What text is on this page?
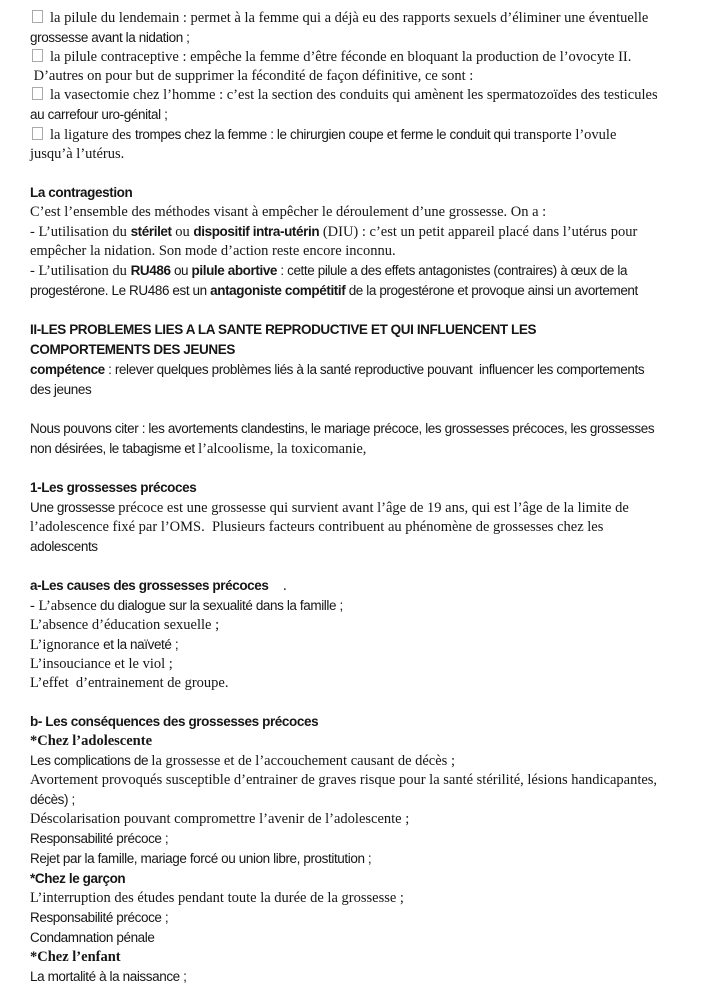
la pilule du lendemain : permet à la femme qui a déjà eu des rapports sexuels d’éliminer une éventuelle
grossesse avant la nidation ;
la pilule contraceptive : empêche la femme d’être féconde en bloquant la production de l’ovocyte II.
D’autres on pour but de supprimer la fécondité de façon définitive, ce sont :
la vasectomie chez l’homme : c’est la section des conduits qui amènent les spermatozoïdes des testicules
au carrefour uro-génital ;
la ligature des trompes chez la femme : le chirurgien coupe et ferme le conduit qui transporte l’ovule
jusqu’à l’utérus.
La contragestion
C’est l’ensemble des méthodes visant à empêcher le déroulement d’une grossesse. On a :
- L’utilisation du stérilet ou dispositif intra-utérin (DIU) : c’est un petit appareil placé dans l’utérus pour
empêcher la nidation. Son mode d’action reste encore inconnu.
- L’utilisation du RU486 ou pilule abortive : cette pilule a des effets antagonistes (contraires) à œux de la
progestérone. Le RU486 est un antagoniste compétitif de la progestérone et provoque ainsi un avortement
II-LES PROBLEMES LIES A LA SANTE REPRODUCTIVE ET QUI INFLUENCENT LES
COMPORTEMENTS DES JEUNES
compétence : relever quelques problèmes liés à la santé reproductive pouvant  influencer les comportements
des jeunes
Nous pouvons citer : les avortements clandestins, le mariage précoce, les grossesses précoces, les grossesses
non désirées, le tabagisme et l’alcoolisme, la toxicomanie,
1-Les grossesses précoces
Une grossesse précoce est une grossesse qui survient avant l’âge de 19 ans, qui est l’âge de la limite de
l’adolescence fixé par l’OMS.  Plusieurs facteurs contribuent au phénomène de grossesses chez les
adolescents
a-Les causes des grossesses précoces    .
- L’absence du dialogue sur la sexualité dans la famille ;
L’absence d’éducation sexuelle ;
L’ignorance et la naïveté ;
L’insouciance et le viol ;
L’effet  d’entrainement de groupe.
b- Les conséquences des grossesses précoces
*Chez l’adolescente
Les complications de la grossesse et de l’accouchement causant de décès ;
Avortement provoqués susceptible d’entrainer de graves risque pour la santé stérilité, lésions handicapantes,
décès) ;
Déscolarisation pouvant compromettre l’avenir de l’adolescente ;
Responsabilité précoce ;
Rejet par la famille, mariage forcé ou union libre, prostitution ;
*Chez le garçon
L’interruption des études pendant toute la durée de la grossesse ;
Responsabilité précoce ;
Condamnation pénale
*Chez l’enfant
La mortalité à la naissance ;
